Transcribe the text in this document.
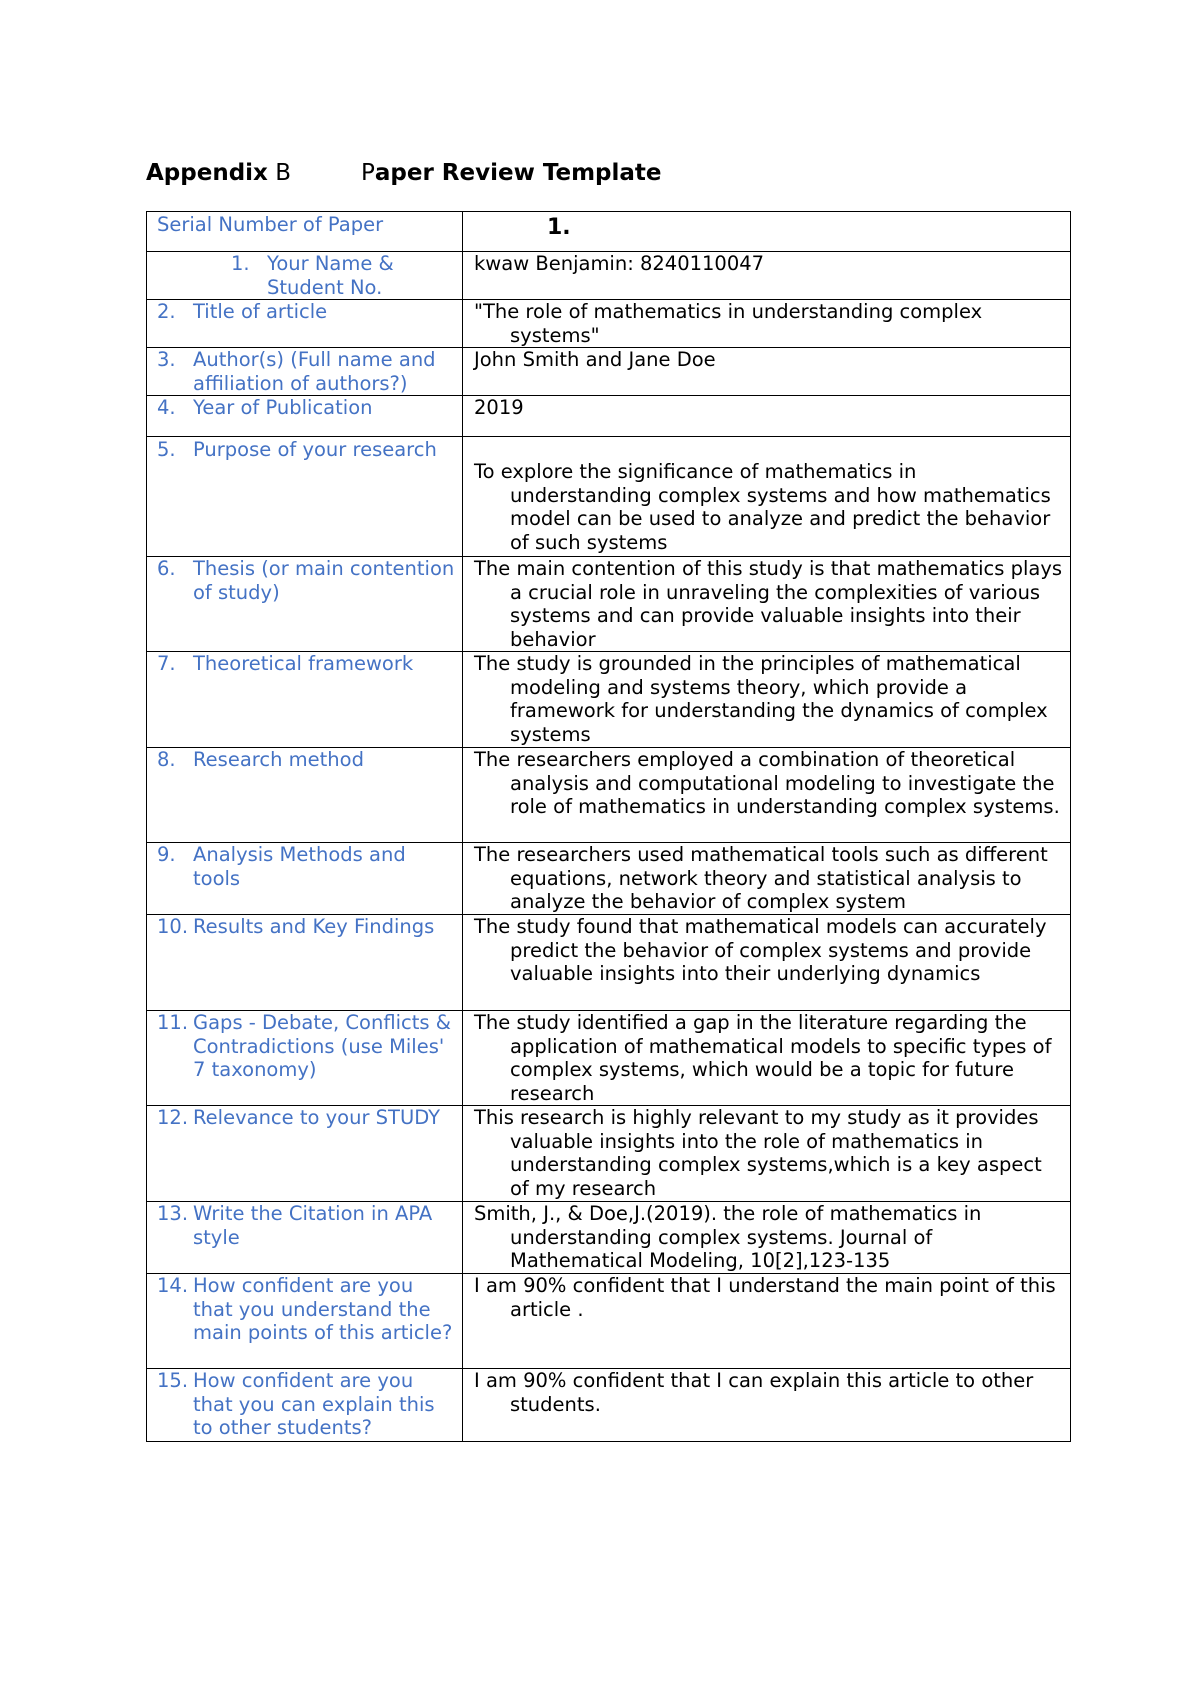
Appendix B	Paper Review Template
Serial Number of Paper	1.

1. Your Name & Student No.	kwaw Benjamin: 8240110047

2. Title of article	"The role of mathematics in understanding complex systems"

3. Author(s) (Full name and affiliation of authors?)	John Smith and Jane Doe

4. Year of Publication	2019

5. Purpose of your research	To explore the significance of mathematics in understanding complex systems and how mathematics model can be used to analyze and predict the behavior of such systems

6. Thesis (or main contention of study)	The main contention of this study is that mathematics plays a crucial role in unraveling the complexities of various systems and can provide valuable insights into their behavior

7. Theoretical framework	The study is grounded in the principles of mathematical modeling and systems theory, which provide a framework for understanding the dynamics of complex systems

8. Research method	The researchers employed a combination of theoretical analysis and computational modeling to investigate the role of mathematics in understanding complex systems.

9. Analysis Methods and tools	The researchers used mathematical tools such as different equations, network theory and statistical analysis to analyze the behavior of complex system

10. Results and Key Findings	The study found that mathematical models can accurately predict the behavior of complex systems and provide valuable insights into their underlying dynamics

11. Gaps - Debate, Conflicts & Contradictions (use Miles' 7 taxonomy)	The study identified a gap in the literature regarding the application of mathematical models to specific types of complex systems, which would be a topic for future research

12. Relevance to your STUDY	This research is highly relevant to my study as it provides valuable insights into the role of mathematics in understanding complex systems,which is a key aspect of my research

13. Write the Citation in APA style	Smith, J., & Doe,J.(2019). the role of mathematics in understanding complex systems. Journal of Mathematical Modeling, 10[2],123-135

14. How confident are you that you understand the main points of this article?	I am 90% confident that I understand the main point of this article .

15. How confident are you that you can explain this to other students?	I am 90% confident that I can explain this article to other students.
